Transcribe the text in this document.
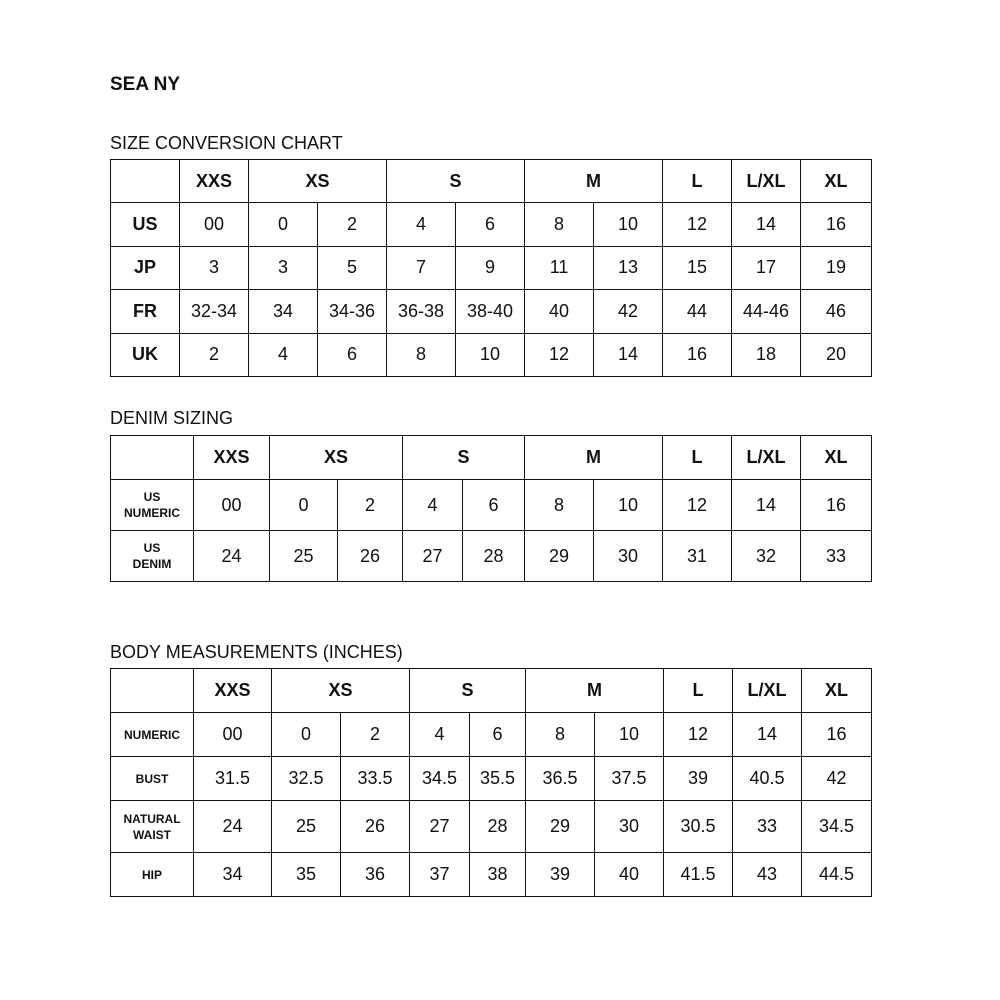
SEA NY
SIZE CONVERSION CHART
	XXS	XS		S		M		L	L/XL	XL
US	00	0	2	4	6	8	10	12	14	16
JP	3	3	5	7	9	11	13	15	17	19
FR	32-34	34	34-36	36-38	38-40	40	42	44	44-46	46
UK	2	4	6	8	10	12	14	16	18	20
DENIM SIZING
	XXS	XS		S		M		L	L/XL	XL
US
NUMERIC	00	0	2	4	6	8	10	12	14	16
US
DENIM	24	25	26	27	28	29	30	31	32	33
BODY MEASUREMENTS (INCHES)
	XXS	XS		S		M		L	L/XL	XL
NUMERIC	00	0	2	4	6	8	10	12	14	16
BUST	31.5	32.5	33.5	34.5	35.5	36.5	37.5	39	40.5	42
NATURAL
WAIST	24	25	26	27	28	29	30	30.5	33	34.5
HIP	34	35	36	37	38	39	40	41.5	43	44.5
